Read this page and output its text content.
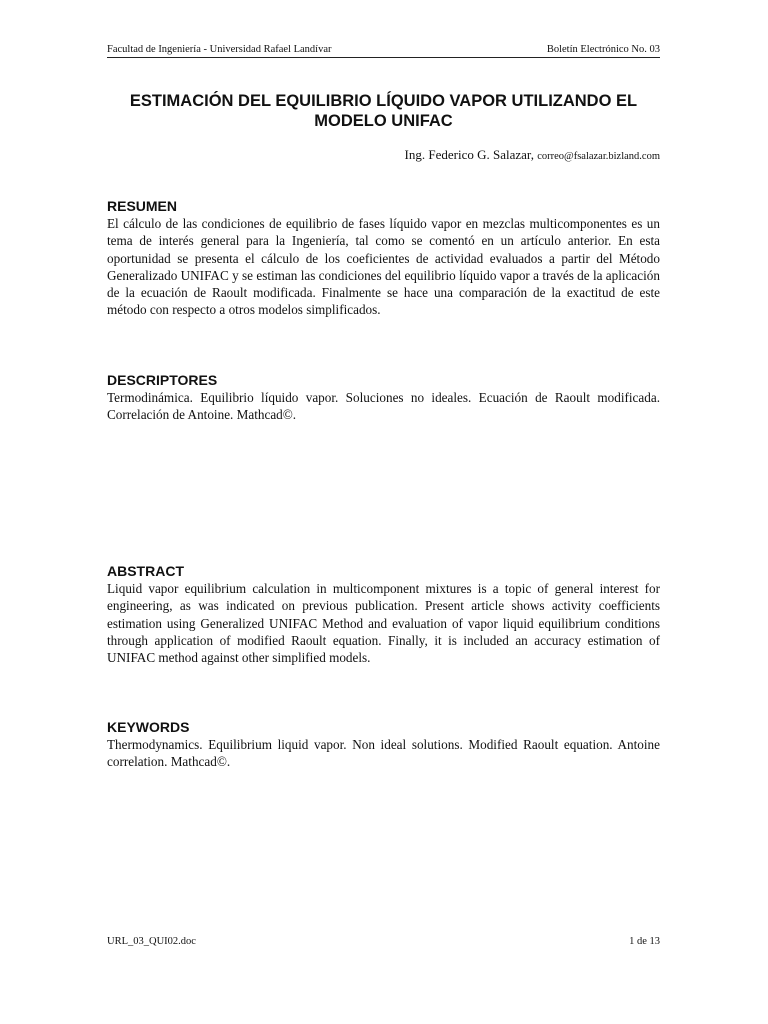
Facultad de Ingeniería - Universidad Rafael Landívar	Boletín Electrónico No. 03
ESTIMACIÓN DEL EQUILIBRIO LÍQUIDO VAPOR UTILIZANDO EL MODELO UNIFAC
Ing. Federico G. Salazar, correo@fsalazar.bizland.com
RESUMEN

El cálculo de las condiciones de equilibrio de fases líquido vapor en mezclas multicomponentes es un tema de interés general para la Ingeniería, tal como se comentó en un artículo anterior. En esta oportunidad se presenta el cálculo de los coeficientes de actividad evaluados a partir del Método Generalizado UNIFAC y se estiman las condiciones del equilibrio líquido vapor a través de la aplicación de la ecuación de Raoult modificada. Finalmente se hace una comparación de la exactitud de este método con respecto a otros modelos simplificados.

DESCRIPTORES

Termodinámica. Equilibrio líquido vapor. Soluciones no ideales. Ecuación de Raoult modificada. Correlación de Antoine. Mathcad©.

ABSTRACT

Liquid vapor equilibrium calculation in multicomponent mixtures is a topic of general interest for engineering, as was indicated on previous publication. Present article shows activity coefficients estimation using Generalized UNIFAC Method and evaluation of vapor liquid equilibrium conditions through application of modified Raoult equation. Finally, it is included an accuracy estimation of UNIFAC method against other simplified models.

KEYWORDS

Thermodynamics. Equilibrium liquid vapor. Non ideal solutions. Modified Raoult equation. Antoine correlation. Mathcad©.

URL_03_QUI02.doc	1 de 13
